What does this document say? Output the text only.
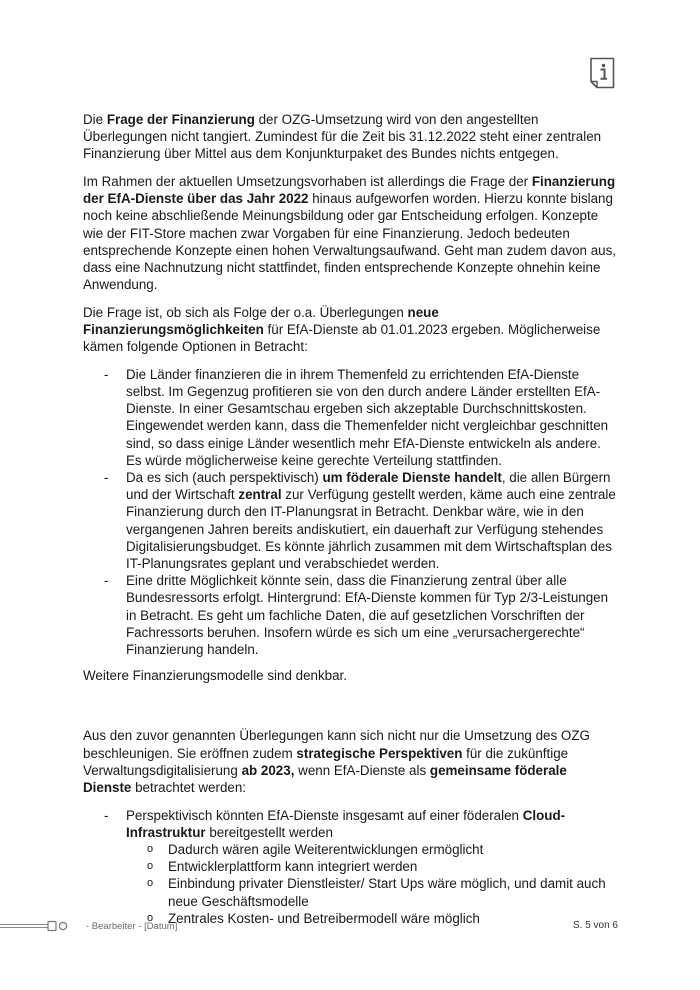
Die Frage der Finanzierung der OZG-Umsetzung wird von den angestellten Überlegungen nicht tangiert. Zumindest für die Zeit bis 31.12.2022 steht einer zentralen Finanzierung über Mittel aus dem Konjunkturpaket des Bundes nichts entgegen.

Im Rahmen der aktuellen Umsetzungsvorhaben ist allerdings die Frage der Finanzierung der EfA-Dienste über das Jahr 2022 hinaus aufgeworfen worden. Hierzu konnte bislang noch keine abschließende Meinungsbildung oder gar Entscheidung erfolgen. Konzepte wie der FIT-Store machen zwar Vorgaben für eine Finanzierung. Jedoch bedeuten entsprechende Konzepte einen hohen Verwaltungsaufwand. Geht man zudem davon aus, dass eine Nachnutzung nicht stattfindet, finden entsprechende Konzepte ohnehin keine Anwendung.

Die Frage ist, ob sich als Folge der o.a. Überlegungen neue Finanzierungsmöglichkeiten für EfA-Dienste ab 01.01.2023 ergeben. Möglicherweise kämen folgende Optionen in Betracht:

- Die Länder finanzieren die in ihrem Themenfeld zu errichtenden EfA-Dienste selbst. Im Gegenzug profitieren sie von den durch andere Länder erstellten EfA-Dienste. In einer Gesamtschau ergeben sich akzeptable Durchschnittskosten.
Eingewendet werden kann, dass die Themenfelder nicht vergleichbar geschnitten sind, so dass einige Länder wesentlich mehr EfA-Dienste entwickeln als andere. Es würde möglicherweise keine gerechte Verteilung stattfinden.
- Da es sich (auch perspektivisch) um föderale Dienste handelt, die allen Bürgern und der Wirtschaft zentral zur Verfügung gestellt werden, käme auch eine zentrale Finanzierung durch den IT-Planungsrat in Betracht. Denkbar wäre, wie in den vergangenen Jahren bereits andiskutiert, ein dauerhaft zur Verfügung stehendes Digitalisierungsbudget. Es könnte jährlich zusammen mit dem Wirtschaftsplan des IT-Planungsrates geplant und verabschiedet werden.
- Eine dritte Möglichkeit könnte sein, dass die Finanzierung zentral über alle Bundesressorts erfolgt. Hintergrund: EfA-Dienste kommen für Typ 2/3-Leistungen in Betracht. Es geht um fachliche Daten, die auf gesetzlichen Vorschriften der Fachressorts beruhen. Insofern würde es sich um eine „verursachergerechte“ Finanzierung handeln.

Weitere Finanzierungsmodelle sind denkbar.

Aus den zuvor genannten Überlegungen kann sich nicht nur die Umsetzung des OZG beschleunigen. Sie eröffnen zudem strategische Perspektiven für die zukünftige Verwaltungsdigitalisierung ab 2023, wenn EfA-Dienste als gemeinsame föderale Dienste betrachtet werden:

- Perspektivisch könnten EfA-Dienste insgesamt auf einer föderalen Cloud-Infrastruktur bereitgestellt werden
o Dadurch wären agile Weiterentwicklungen ermöglicht
o Entwicklerplattform kann integriert werden
o Einbindung privater Dienstleister/ Start Ups wäre möglich, und damit auch neue Geschäftsmodelle
o Zentrales Kosten- und Betreibermodell wäre möglich
- Bearbeiter - [Datum]	S. 5 von 6
